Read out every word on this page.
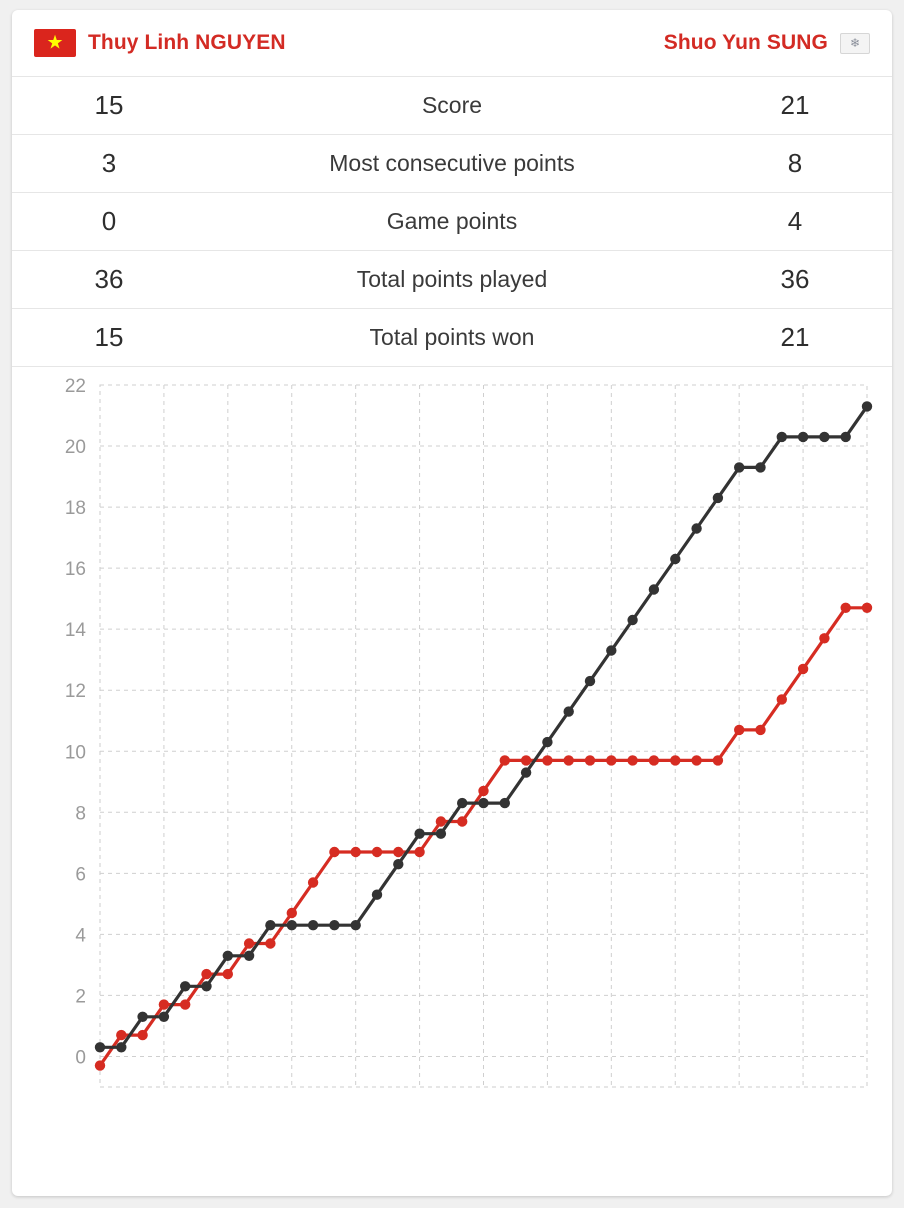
★ Thuy Linh NGUYEN	Shuo Yun SUNG ❄
15	Score	21
3	Most consecutive points	8
0	Game points	4
36	Total points played	36
15	Total points won	21
0
2
4
6
8
10
12
14
16
18
20
22
